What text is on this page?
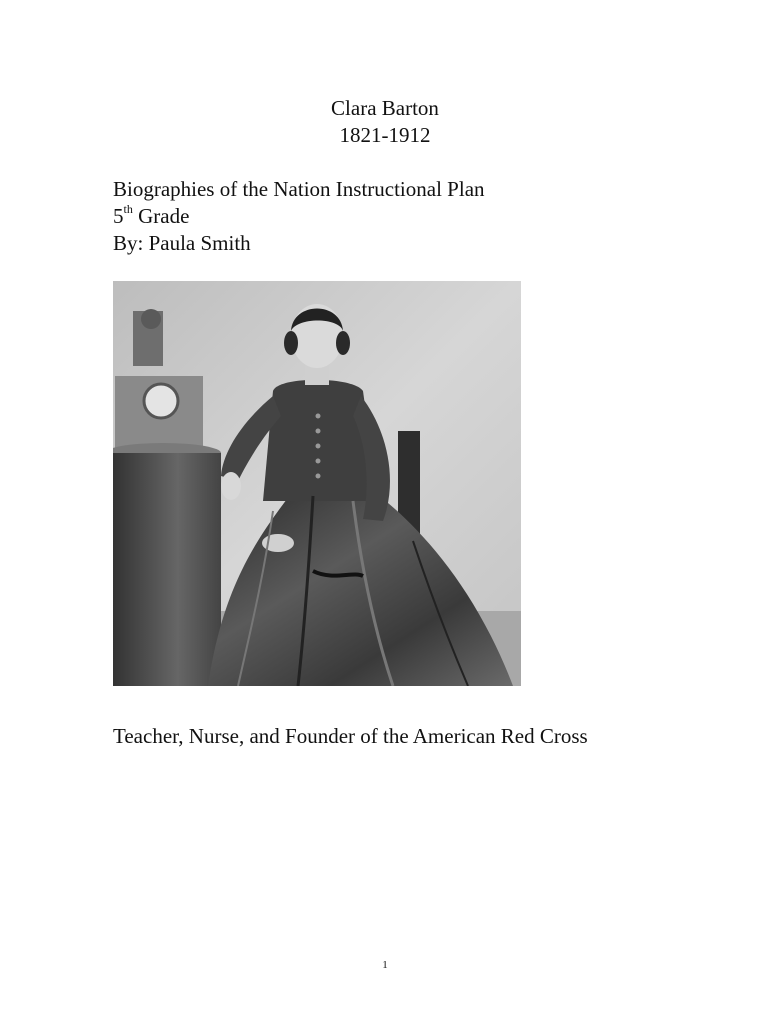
Clara Barton
1821-1912
Biographies of the Nation Instructional Plan
5th Grade
By: Paula Smith
Teacher, Nurse, and Founder of the American Red Cross
1
